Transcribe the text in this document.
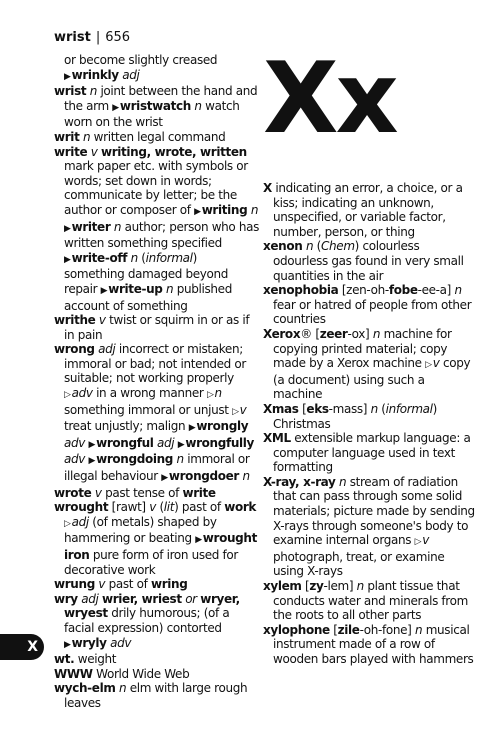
wrist | 656
Xx

or become slightly creased

▶wrinkly adj

wrist n joint between the hand and the arm ▶wristwatch n watch worn on the wrist

writ n written legal command

write v writing, wrote, written mark paper etc. with symbols or words; set down in words; communicate by letter; be the author or composer of ▶writing n ▶writer n author; person who has written something specified ▶write-off n (informal) something damaged beyond repair ▶write-up n published account of something

writhe v twist or squirm in or as if in pain

wrong adj incorrect or mistaken; immoral or bad; not intended or suitable; not working properly ▷adv in a wrong manner ▷n something immoral or unjust ▷v treat unjustly; malign ▶wrongly adv ▶wrongful adj ▶wrongfully adv ▶wrongdoing n immoral or illegal behaviour ▶wrongdoer n

wrote v past tense of write

wrought [rawt] v (lit) past of work ▷adj (of metals) shaped by hammering or beating ▶wrought iron pure form of iron used for decorative work

wrung v past of wring

wry adj wrier, wriest or wryer, wryest drily humorous; (of a facial expression) contorted ▶wryly adv

wt. weight

WWW World Wide Web

wych-elm n elm with large rough leaves

X indicating an error, a choice, or a kiss; indicating an unknown, unspecified, or variable factor, number, person, or thing

xenon n (Chem) colourless odourless gas found in very small quantities in the air

xenophobia [zen-oh-fobe-ee-a] n fear or hatred of people from other countries

Xerox® [zeer-ox] n machine for copying printed material; copy made by a Xerox machine ▷v copy (a document) using such a machine

Xmas [eks-mass] n (informal) Christmas

XML extensible markup language: a computer language used in text formatting

X-ray, x-ray n stream of radiation that can pass through some solid materials; picture made by sending X-rays through someone's body to examine internal organs ▷v photograph, treat, or examine using X-rays

xylem [zy-lem] n plant tissue that conducts water and minerals from the roots to all other parts

xylophone [zile-oh-fone] n musical instrument made of a row of wooden bars played with hammers

X
